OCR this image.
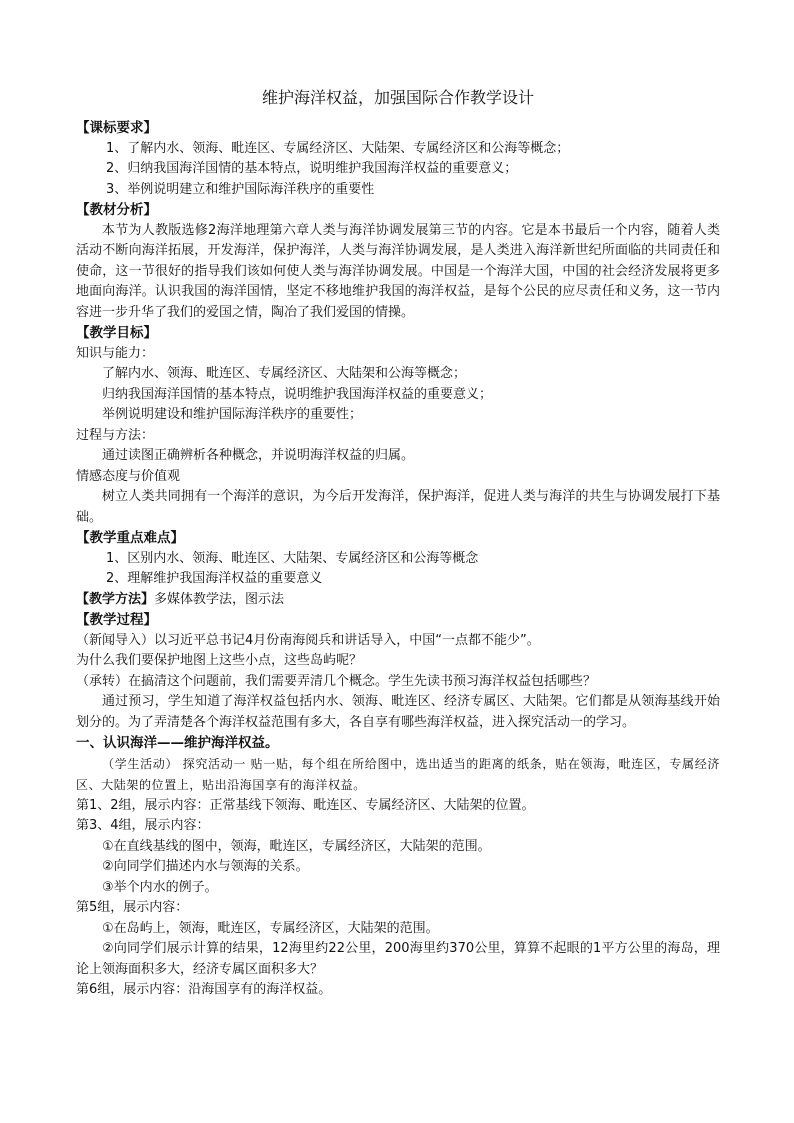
维护海洋权益，加强国际合作教学设计

【课标要求】

1、了解内水、领海、毗连区、专属经济区、大陆架、专属经济区和公海等概念；

2、归纳我国海洋国情的基本特点，说明维护我国海洋权益的重要意义；

3、举例说明建立和维护国际海洋秩序的重要性

【教材分析】

本节为人教版选修2海洋地理第六章人类与海洋协调发展第三节的内容。它是本书最后一个内容，随着人类活动不断向海洋拓展，开发海洋，保护海洋，人类与海洋协调发展，是人类进入海洋新世纪所面临的共同责任和使命，这一节很好的指导我们该如何使人类与海洋协调发展。中国是一个海洋大国，中国的社会经济发展将更多地面向海洋。认识我国的海洋国情，坚定不移地维护我国的海洋权益，是每个公民的应尽责任和义务，这一节内容进一步升华了我们的爱国之情，陶冶了我们爱国的情操。

【教学目标】

知识与能力：

了解内水、领海、毗连区、专属经济区、大陆架和公海等概念；

归纳我国海洋国情的基本特点，说明维护我国海洋权益的重要意义；

举例说明建设和维护国际海洋秩序的重要性；

过程与方法：

通过读图正确辨析各种概念，并说明海洋权益的归属。

情感态度与价值观

树立人类共同拥有一个海洋的意识，为今后开发海洋，保护海洋，促进人类与海洋的共生与协调发展打下基础。

【教学重点难点】

1、区别内水、领海、毗连区、大陆架、专属经济区和公海等概念

2、理解维护我国海洋权益的重要意义

【教学方法】多媒体教学法，图示法

【教学过程】

（新闻导入）以习近平总书记4月份南海阅兵和讲话导入，中国“一点都不能少”。

为什么我们要保护地图上这些小点，这些岛屿呢？

（承转）在搞清这个问题前，我们需要弄清几个概念。学生先读书预习海洋权益包括哪些？

通过预习，学生知道了海洋权益包括内水、领海、毗连区、经济专属区、大陆架。它们都是从领海基线开始划分的。为了弄清楚各个海洋权益范围有多大，各自享有哪些海洋权益，进入探究活动一的学习。

一、认识海洋——维护海洋权益。

（学生活动） 探究活动一 贴一贴，每个组在所给图中，选出适当的距离的纸条，贴在领海，毗连区，专属经济区、大陆架的位置上，贴出沿海国享有的海洋权益。

第1、2组，展示内容：正常基线下领海、毗连区、专属经济区、大陆架的位置。

第3、4组，展示内容：

①在直线基线的图中，领海，毗连区，专属经济区，大陆架的范围。

②向同学们描述内水与领海的关系。

③举个内水的例子。

第5组，展示内容：

①在岛屿上，领海，毗连区，专属经济区，大陆架的范围。

②向同学们展示计算的结果，12海里约22公里，200海里约370公里，算算不起眼的1平方公里的海岛，理论上领海面积多大，经济专属区面积多大？

第6组，展示内容：沿海国享有的海洋权益。
